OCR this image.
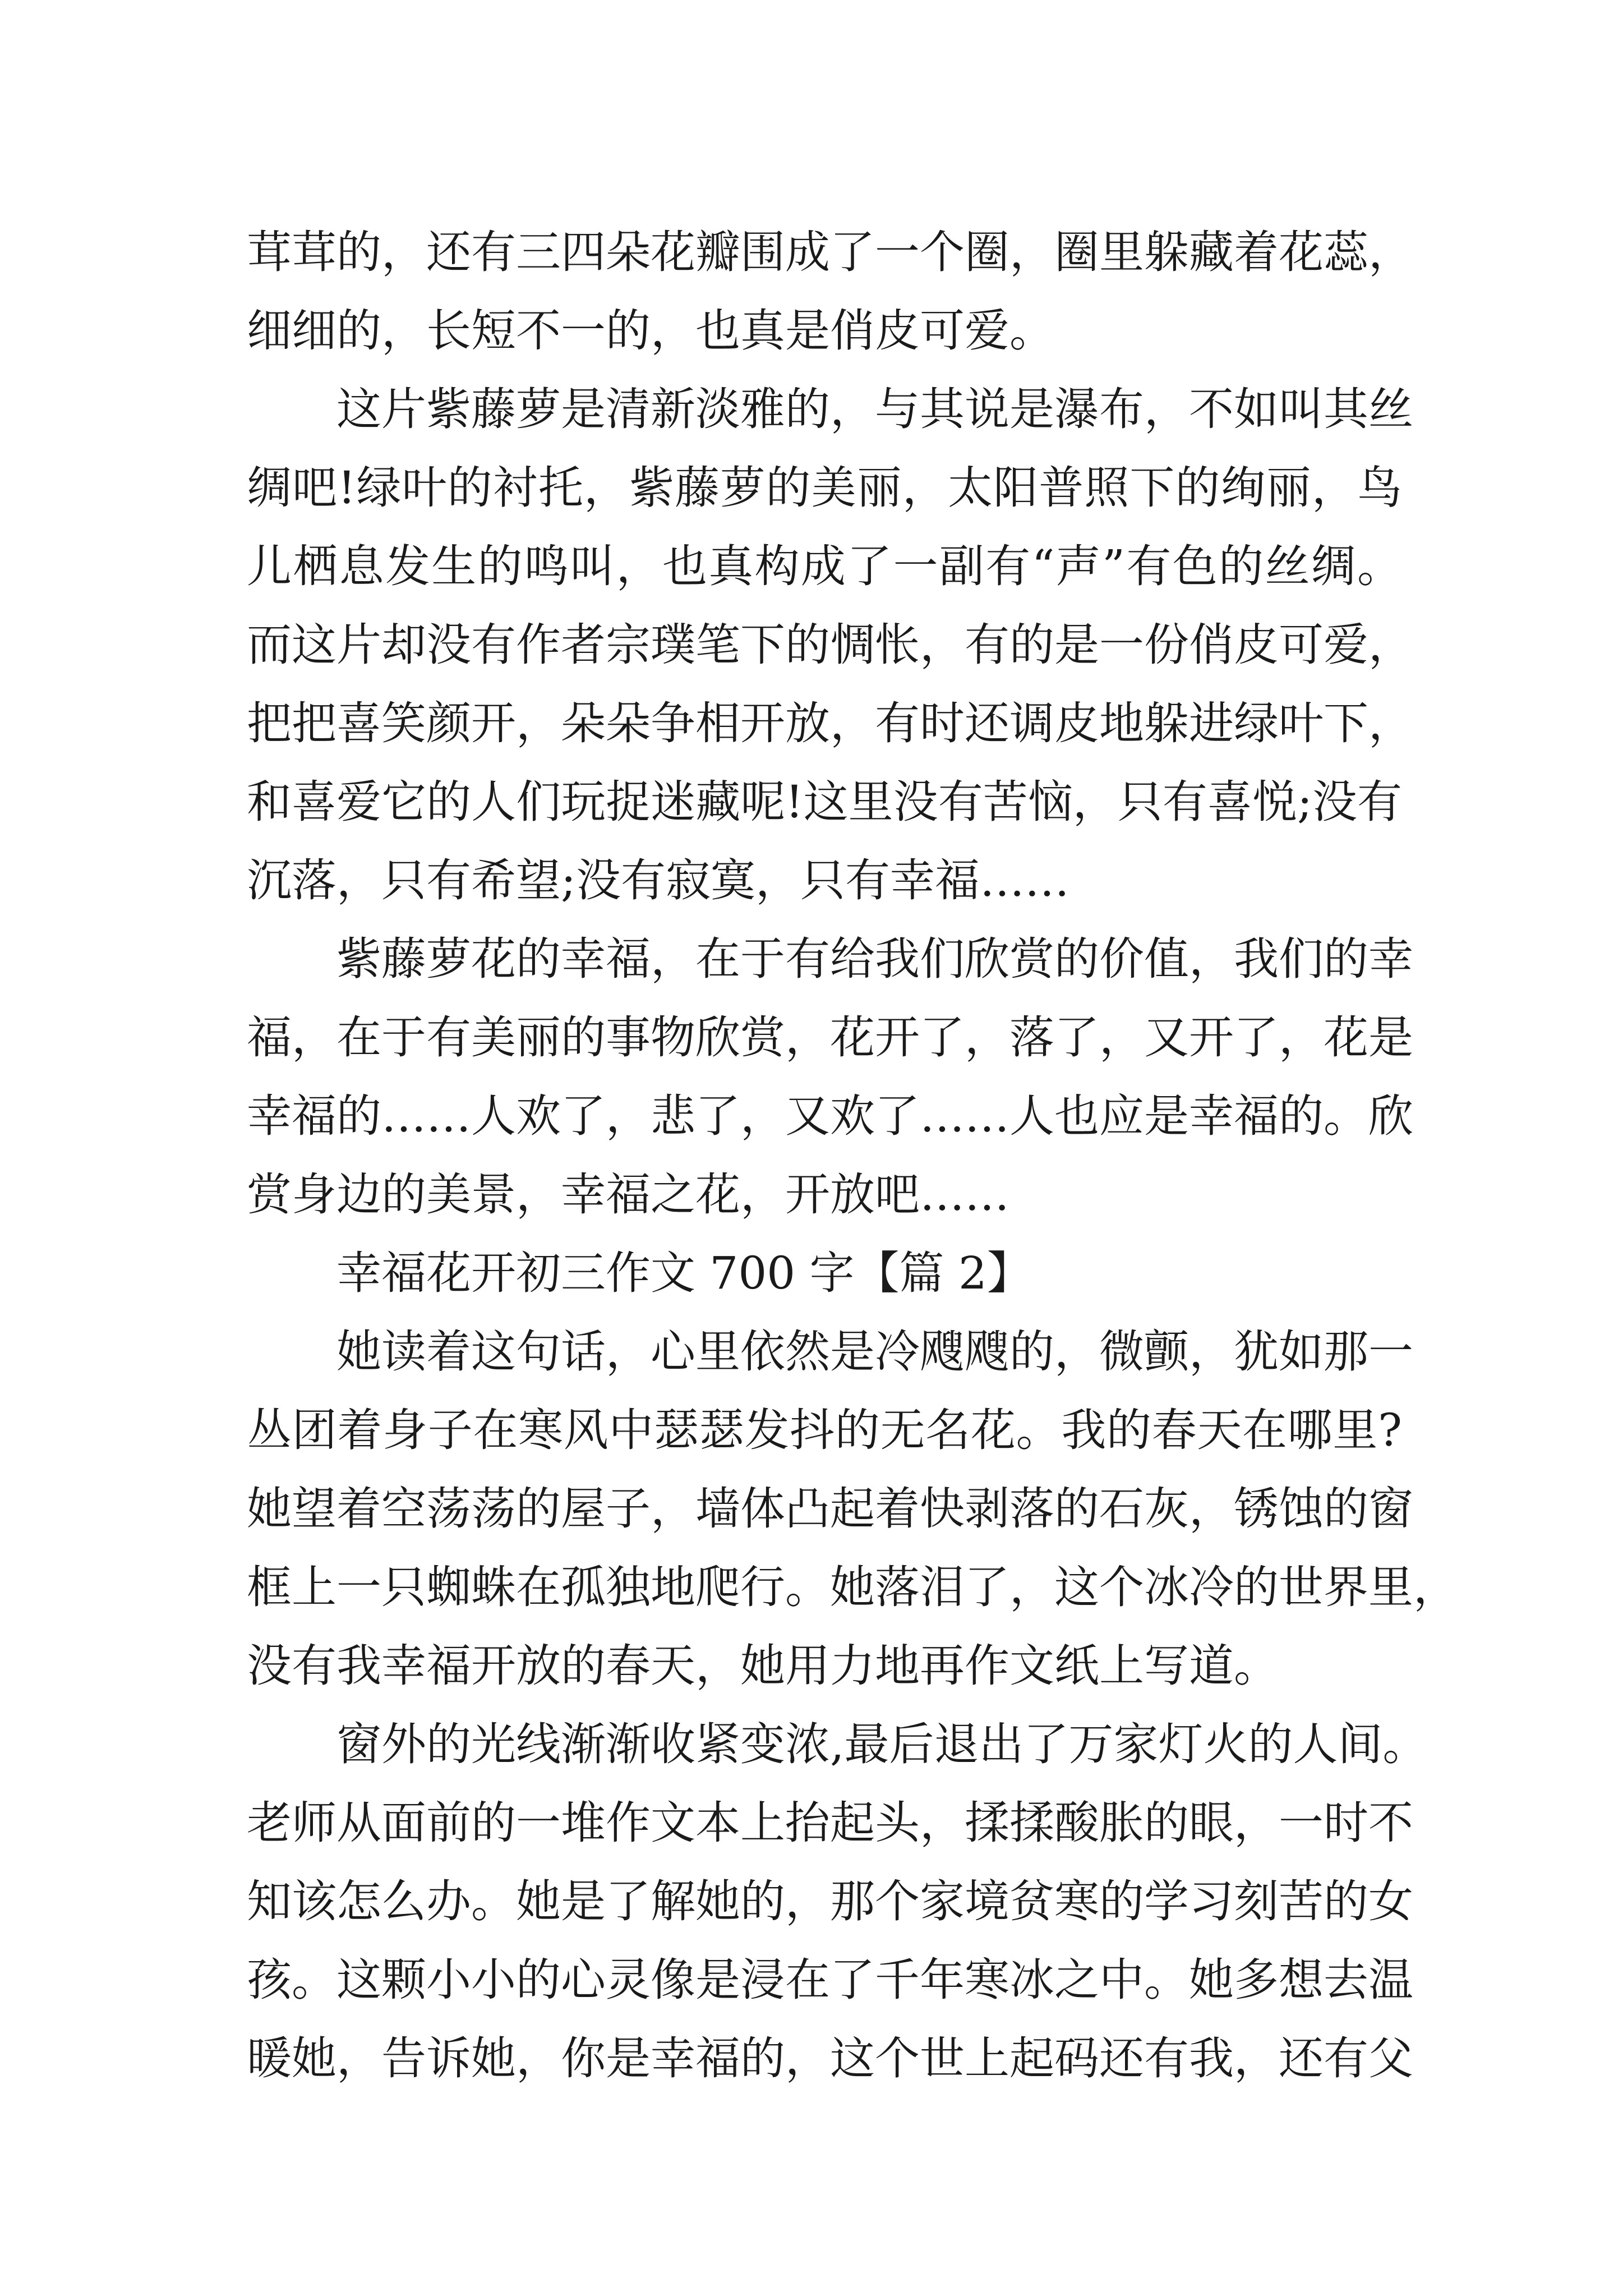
茸茸的，还有三四朵花瓣围成了一个圈，圈里躲藏着花蕊，
细细的，长短不一的，也真是俏皮可爱。
这片紫藤萝是清新淡雅的，与其说是瀑布，不如叫其丝
绸吧!绿叶的衬托，紫藤萝的美丽，太阳普照下的绚丽，鸟
儿栖息发生的鸣叫，也真构成了一副有“声”有色的丝绸。
而这片却没有作者宗璞笔下的惆怅，有的是一份俏皮可爱，
把把喜笑颜开，朵朵争相开放，有时还调皮地躲进绿叶下，
和喜爱它的人们玩捉迷藏呢!这里没有苦恼，只有喜悦;没有
沉落，只有希望;没有寂寞，只有幸福……
紫藤萝花的幸福，在于有给我们欣赏的价值，我们的幸
福，在于有美丽的事物欣赏，花开了，落了，又开了，花是
幸福的……人欢了，悲了，又欢了……人也应是幸福的。欣
赏身边的美景，幸福之花，开放吧……
幸福花开初三作文 700 字【篇 2】
她读着这句话，心里依然是冷飕飕的，微颤，犹如那一
丛团着身子在寒风中瑟瑟发抖的无名花。我的春天在哪里?
她望着空荡荡的屋子，墙体凸起着快剥落的石灰，锈蚀的窗
框上一只蜘蛛在孤独地爬行。她落泪了，这个冰冷的世界里，
没有我幸福开放的春天，她用力地再作文纸上写道。
窗外的光线渐渐收紧变浓,最后退出了万家灯火的人间。
老师从面前的一堆作文本上抬起头，揉揉酸胀的眼，一时不
知该怎么办。她是了解她的，那个家境贫寒的学习刻苦的女
孩。这颗小小的心灵像是浸在了千年寒冰之中。她多想去温
暖她，告诉她，你是幸福的，这个世上起码还有我，还有父
